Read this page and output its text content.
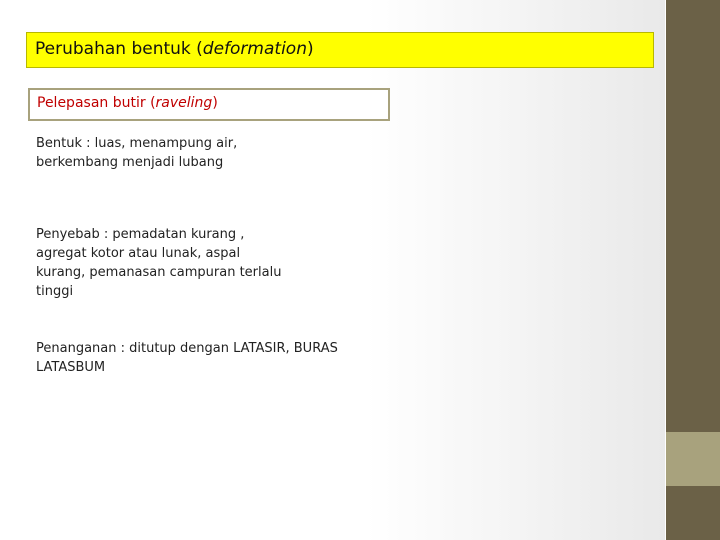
Perubahan bentuk (deformation)
Pelepasan butir (raveling)

Bentuk : luas, menampung air,

berkembang menjadi lubang

Penyebab : pemadatan kurang ,

agregat kotor atau lunak, aspal

kurang, pemanasan campuran terlalu

tinggi

Penanganan : ditutup dengan LATASIR, BURAS

LATASBUM
